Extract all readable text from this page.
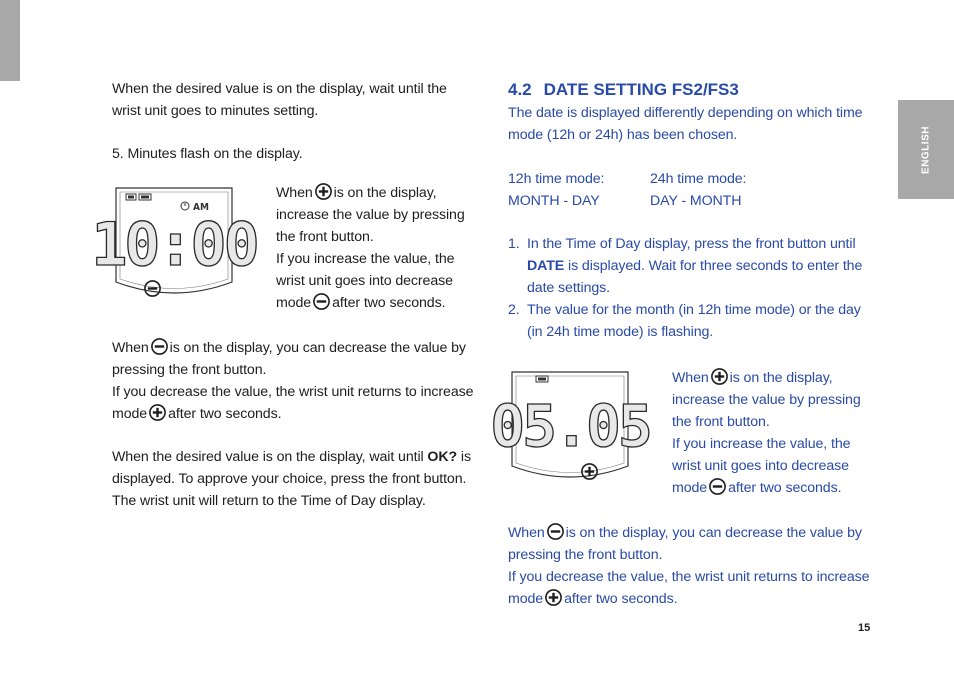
ENGLISH
When the desired value is on the display, wait until the
wrist unit goes to minutes setting.
5. Minutes flash on the display.
AM
10:00
When is on the display,
increase the value by pressing
the front button.
If you increase the value, the
wrist unit goes into decrease
mode after two seconds.
When is on the display, you can decrease the value by
pressing the front button.
If you decrease the value, the wrist unit returns to increase
mode after two seconds.
When the desired value is on the display, wait until OK? is
displayed. To approve your choice, press the front button.
The wrist unit will return to the Time of Day display.
4.2 DATE SETTING FS2/FS3
The date is displayed differently depending on which time
mode (12h or 24h) has been chosen.
12h time mode:
MONTH - DAY
24h time mode:
DAY - MONTH
1. In the Time of Day display, press the front button until
DATE is displayed. Wait for three seconds to enter the
date settings.
2. The value for the month (in 12h time mode) or the day
(in 24h time mode) is flashing.
05.05
When is on the display,
increase the value by pressing
the front button.
If you increase the value, the
wrist unit goes into decrease
mode after two seconds.
When is on the display, you can decrease the value by
pressing the front button.
If you decrease the value, the wrist unit returns to increase
mode after two seconds.
15
